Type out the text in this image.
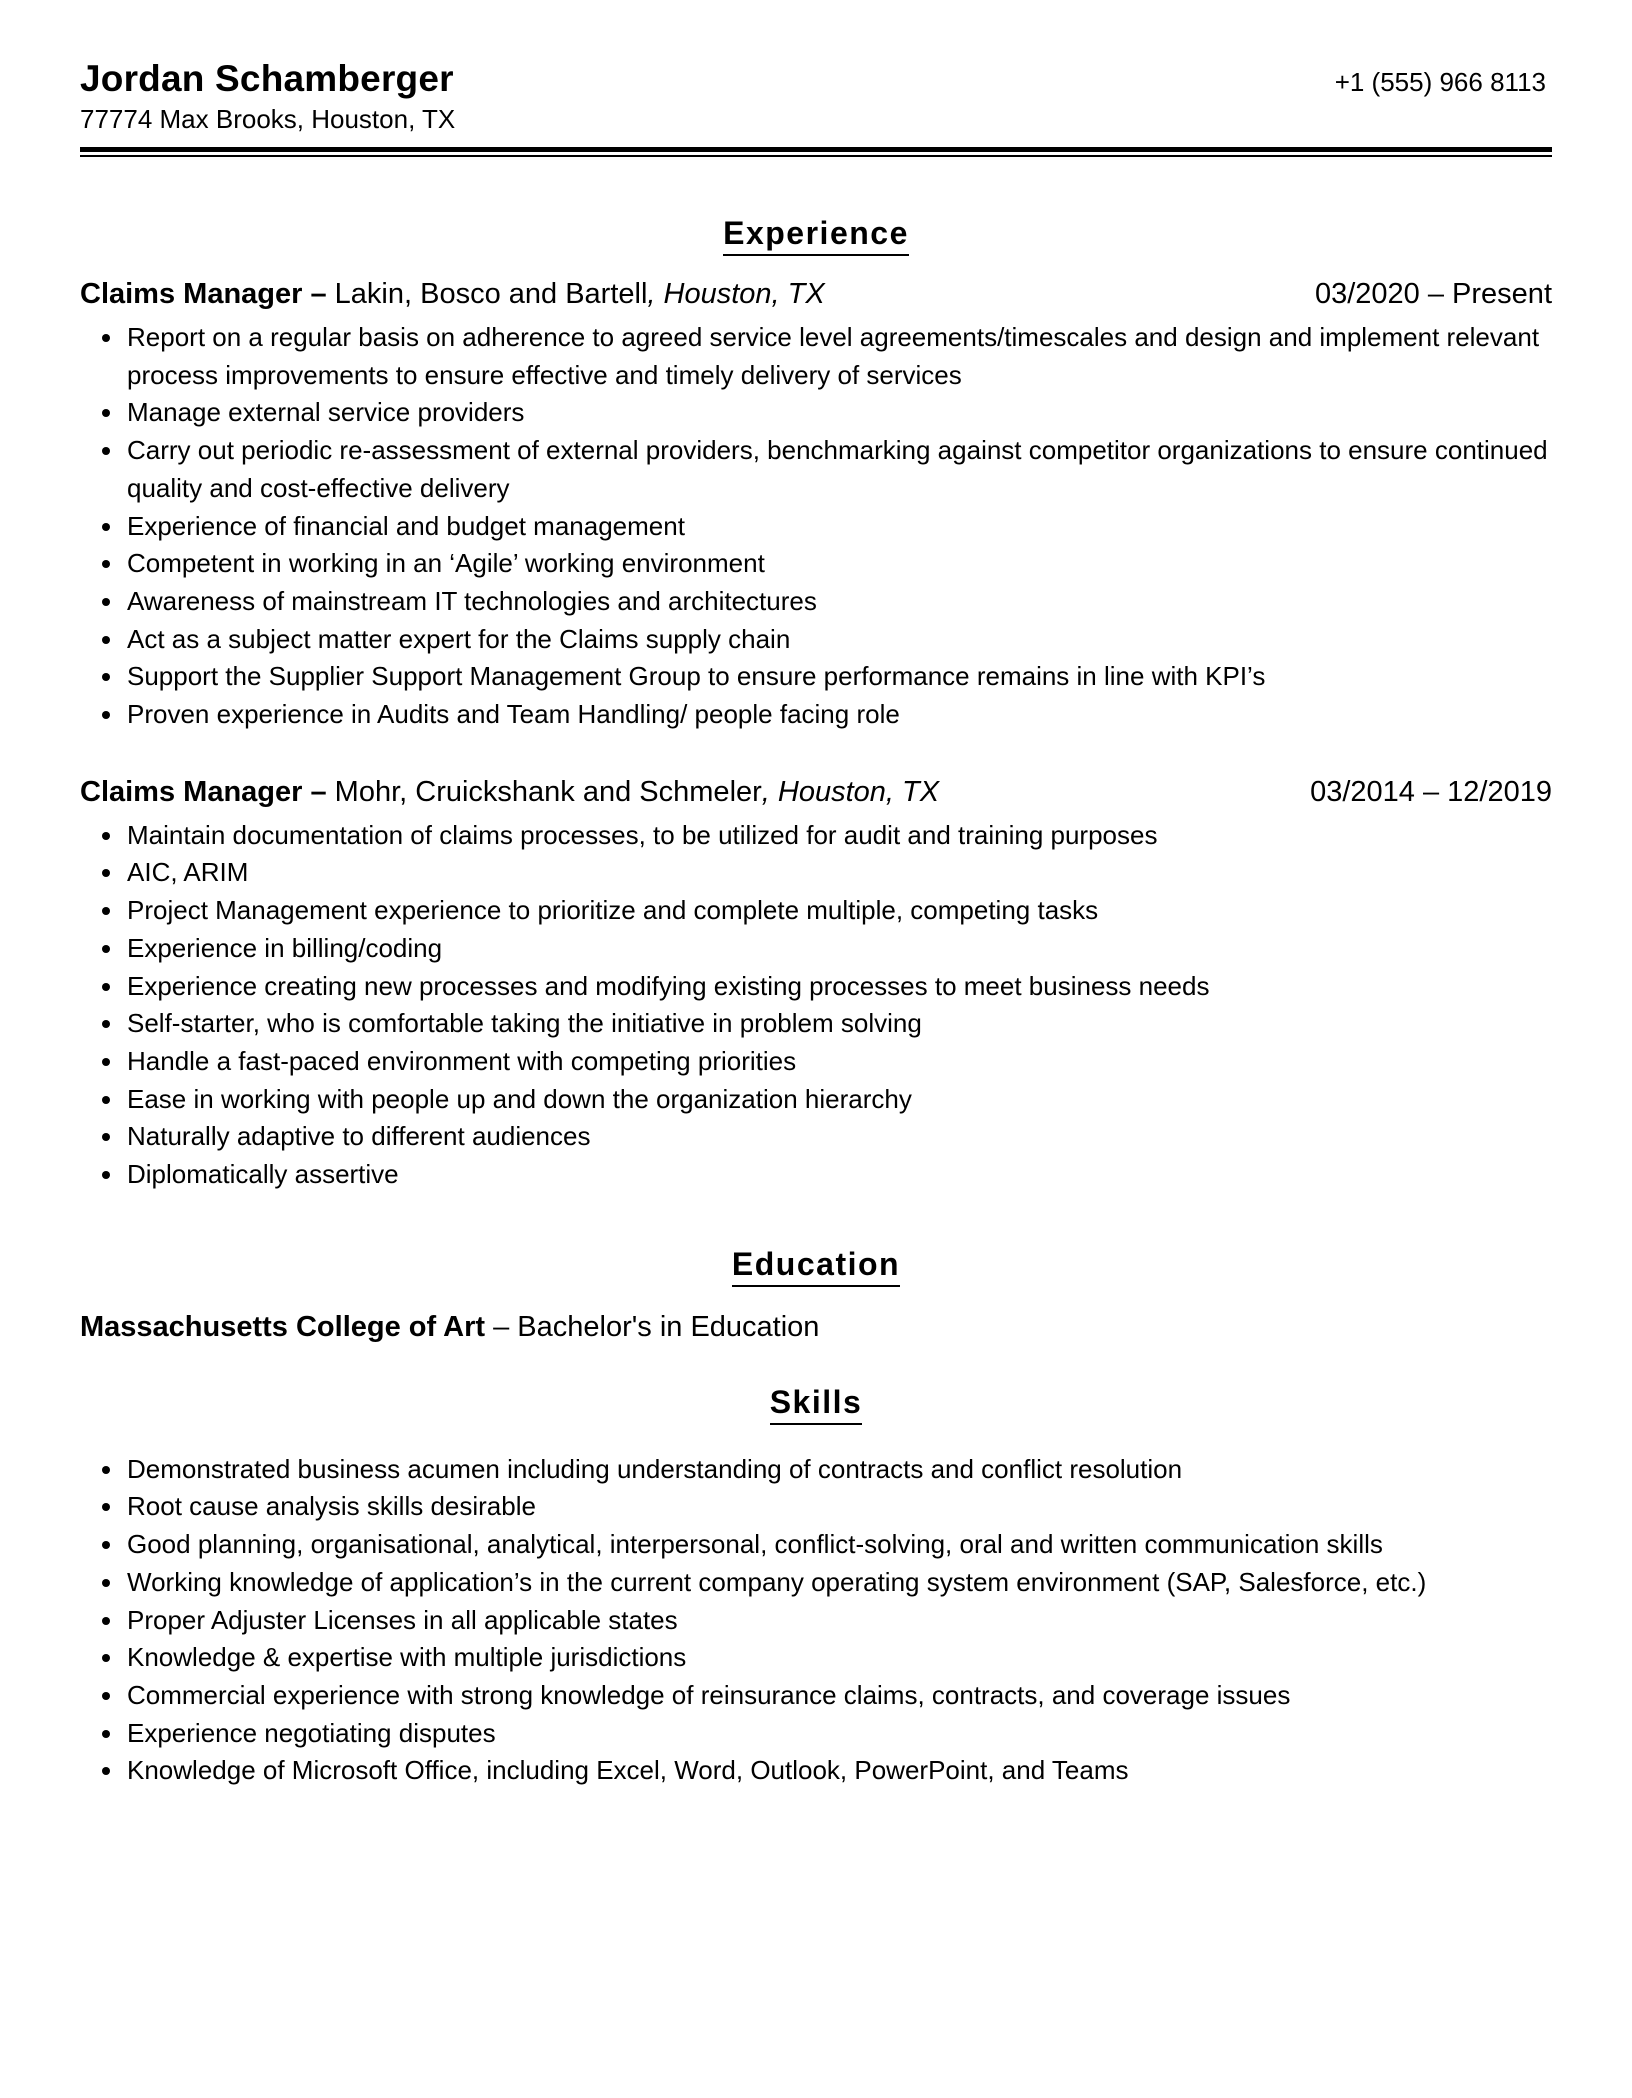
Jordan Schamberger	+1 (555) 966 8113
77774 Max Brooks, Houston, TX
Experience
Claims Manager – Lakin, Bosco and Bartell, Houston, TX	03/2020 – Present
Report on a regular basis on adherence to agreed service level agreements/timescales and design and implement relevant process improvements to ensure effective and timely delivery of services
Manage external service providers
Carry out periodic re-assessment of external providers, benchmarking against competitor organizations to ensure continued quality and cost-effective delivery
Experience of financial and budget management
Competent in working in an ‘Agile’ working environment
Awareness of mainstream IT technologies and architectures
Act as a subject matter expert for the Claims supply chain
Support the Supplier Support Management Group to ensure performance remains in line with KPI’s
Proven experience in Audits and Team Handling/ people facing role
Claims Manager – Mohr, Cruickshank and Schmeler, Houston, TX	03/2014 – 12/2019
Maintain documentation of claims processes, to be utilized for audit and training purposes
AIC, ARIM
Project Management experience to prioritize and complete multiple, competing tasks
Experience in billing/coding
Experience creating new processes and modifying existing processes to meet business needs
Self-starter, who is comfortable taking the initiative in problem solving
Handle a fast-paced environment with competing priorities
Ease in working with people up and down the organization hierarchy
Naturally adaptive to different audiences
Diplomatically assertive
Education
Massachusetts College of Art – Bachelor's in Education
Skills
Demonstrated business acumen including understanding of contracts and conflict resolution
Root cause analysis skills desirable
Good planning, organisational, analytical, interpersonal, conflict-solving, oral and written communication skills
Working knowledge of application’s in the current company operating system environment (SAP, Salesforce, etc.)
Proper Adjuster Licenses in all applicable states
Knowledge & expertise with multiple jurisdictions
Commercial experience with strong knowledge of reinsurance claims, contracts, and coverage issues
Experience negotiating disputes
Knowledge of Microsoft Office, including Excel, Word, Outlook, PowerPoint, and Teams
